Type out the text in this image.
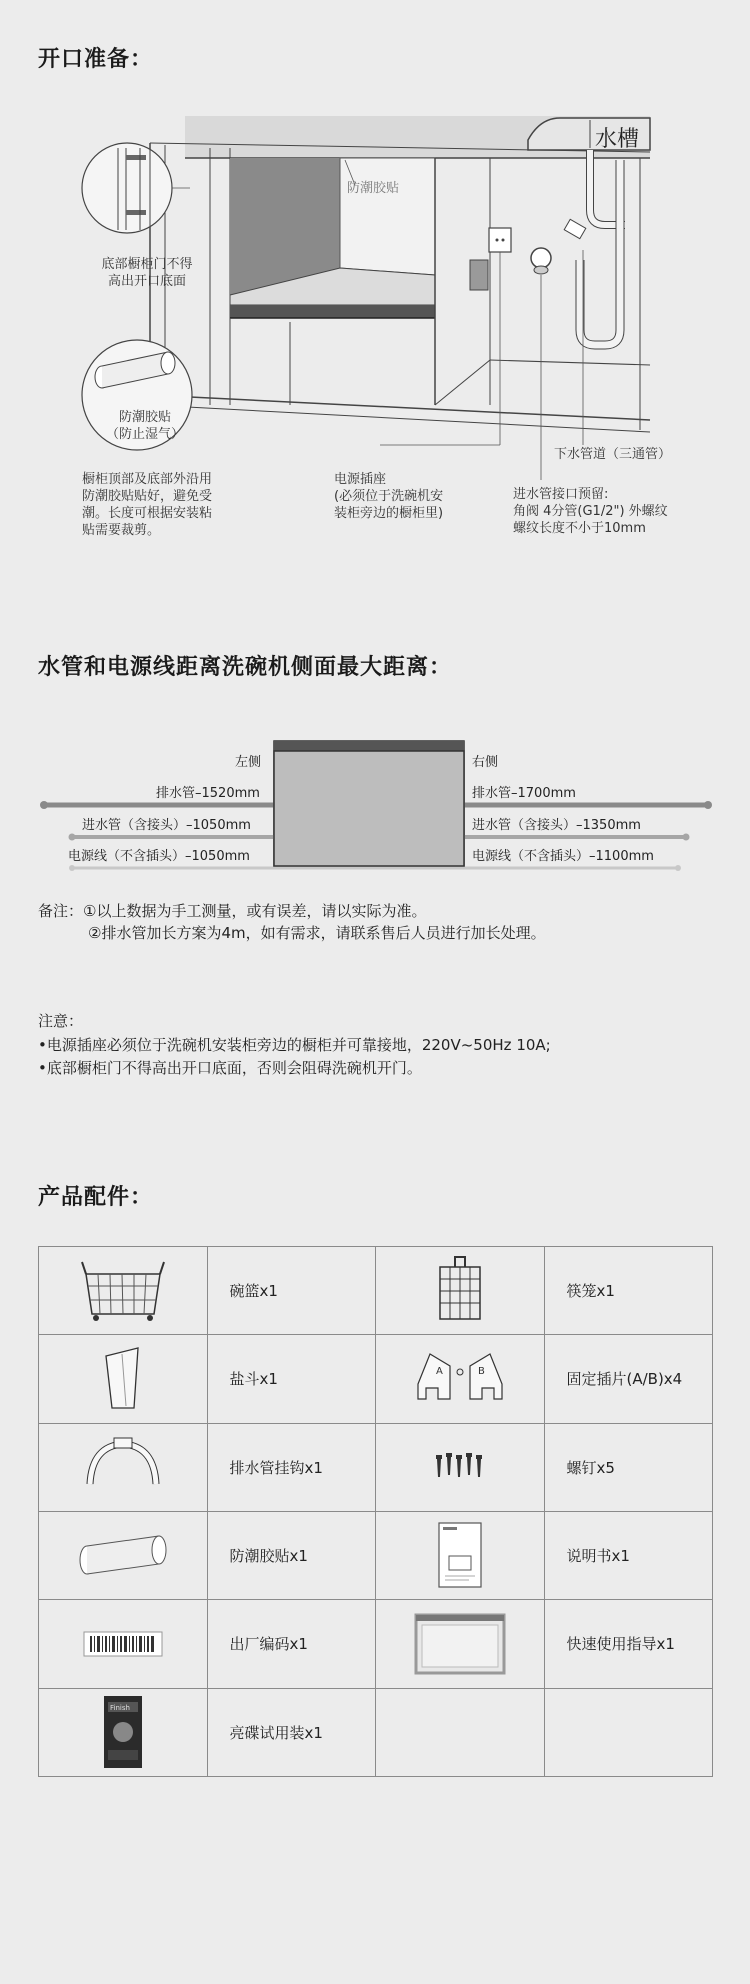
开口准备：
水槽
防潮胶贴
底部橱柜门不得
高出开口底面
防潮胶贴
（防止湿气）
橱柜顶部及底部外沿用
防潮胶贴贴好，避免受
潮。长度可根据安装粘
贴需要裁剪。
电源插座
(必须位于洗碗机安
装柜旁边的橱柜里)
下水管道（三通管）
进水管接口预留:
角阀 4分管(G1/2") 外螺纹
螺纹长度不小于10mm
水管和电源线距离洗碗机侧面最大距离：
左侧	右侧
排水管–1520mm	排水管–1700mm
进水管（含接头）–1050mm	进水管（含接头）–1350mm
电源线（不含插头）–1050mm	电源线（不含插头）–1100mm
备注：①以上数据为手工测量，或有误差，请以实际为准。
②排水管加长方案为4m，如有需求，请联系售后人员进行加长处理。
注意：
•电源插座必须位于洗碗机安装柜旁边的橱柜并可靠接地，220V~50Hz 10A;
•底部橱柜门不得高出开口底面，否则会阻碍洗碗机开门。
产品配件：
	碗篮x1		筷笼x1

	盐斗x1	A B	固定插片(A/B)x4

	排水管挂钩x1		螺钉x5

	防潮胶贴x1		说明书x1

	出厂编码x1		快速使用指导x1

Finish	亮碟试用装x1		
